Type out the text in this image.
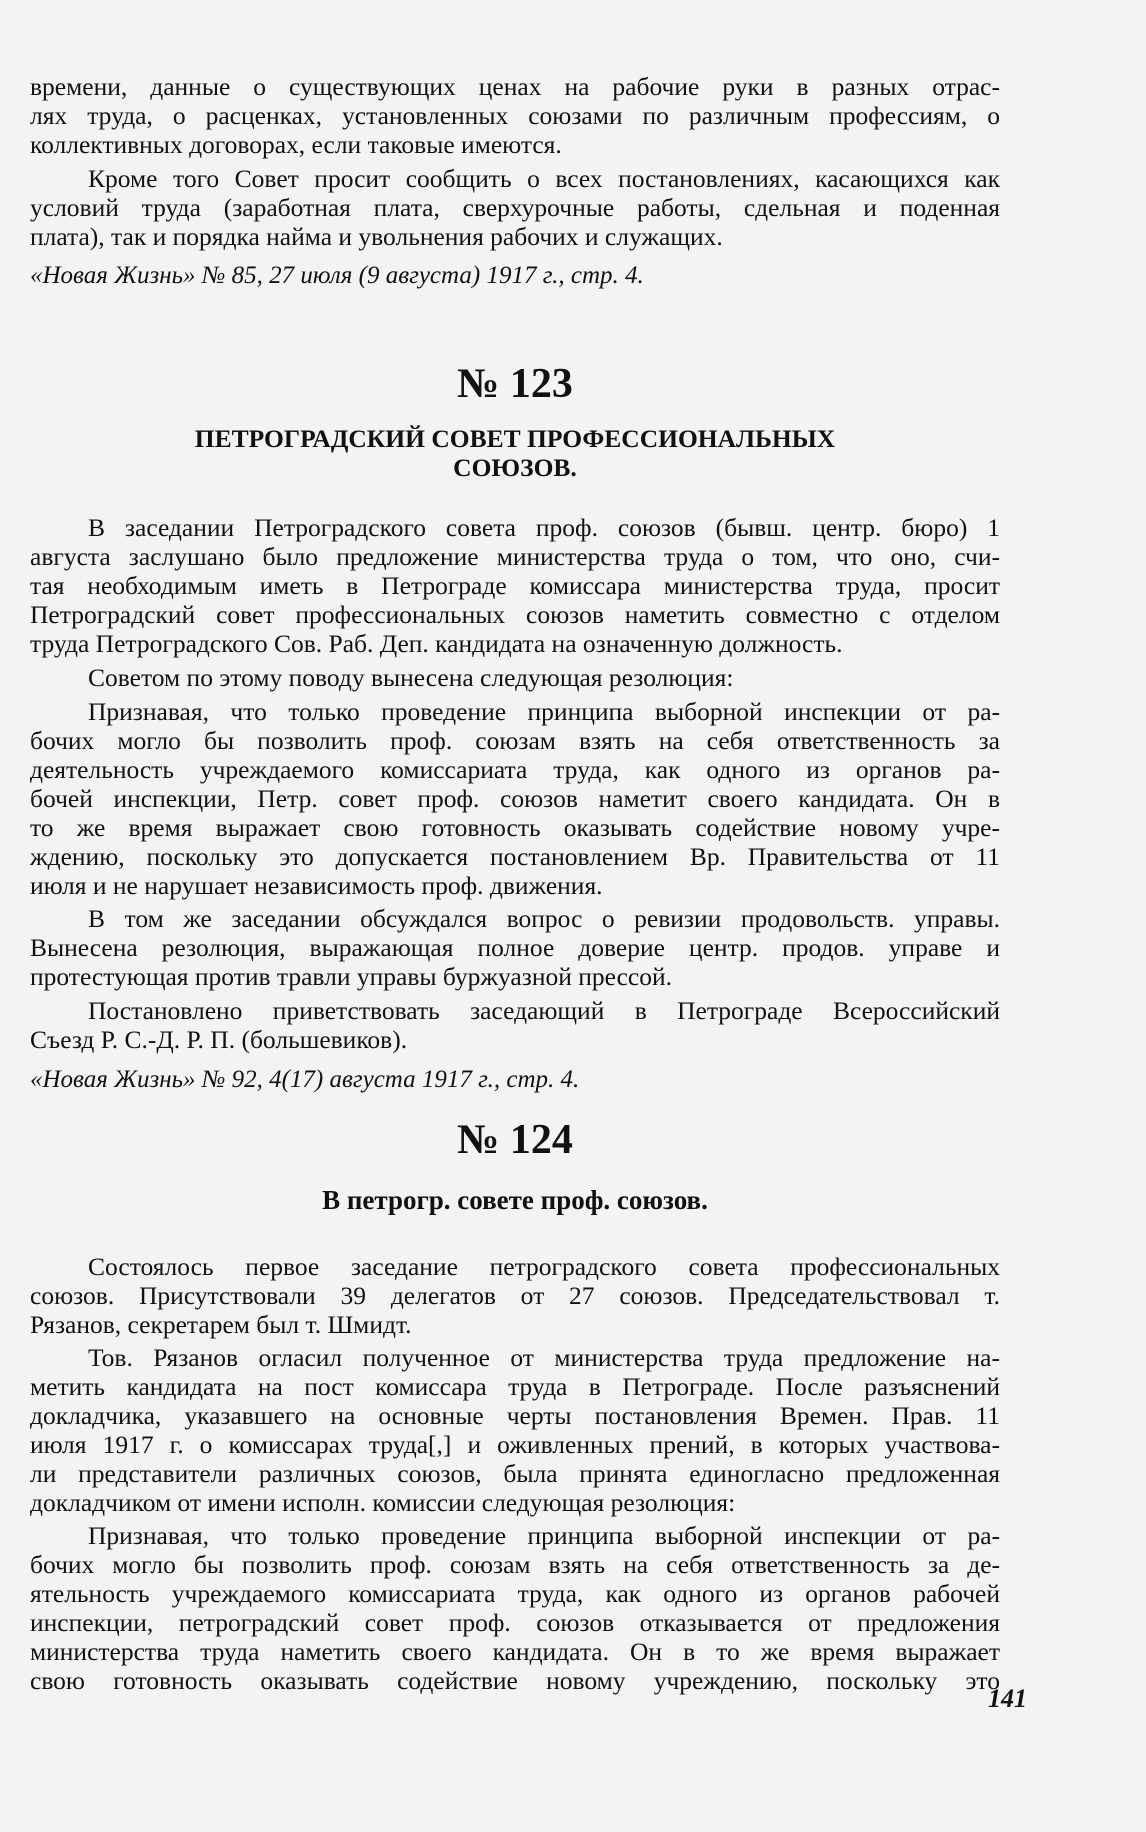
времени, данные о существующих ценах на рабочие руки в разных отрас-
лях труда, о расценках, установленных союзами по различным профессиям, о
коллективных договорах, если таковые имеются.
Кроме того Совет просит сообщить о всех постановлениях, касающихся как
условий труда (заработная плата, сверхурочные работы, сдельная и поденная
плата), так и порядка найма и увольнения рабочих и служащих.
«Новая Жизнь» № 85, 27 июля (9 августа) 1917 г., стр. 4.
№ 123
ПЕТРОГРАДСКИЙ СОВЕТ ПРОФЕССИОНАЛЬНЫХ
СОЮЗОВ.
В заседании Петроградского совета проф. союзов (бывш. центр. бюро) 1
августа заслушано было предложение министерства труда о том, что оно, счи-
тая необходимым иметь в Петрограде комиссара министерства труда, просит
Петроградский совет профессиональных союзов наметить совместно с отделом
труда Петроградского Сов. Раб. Деп. кандидата на означенную должность.
Советом по этому поводу вынесена следующая резолюция:
Признавая, что только проведение принципа выборной инспекции от ра-
бочих могло бы позволить проф. союзам взять на себя ответственность за
деятельность учреждаемого комиссариата труда, как одного из органов ра-
бочей инспекции, Петр. совет проф. союзов наметит своего кандидата. Он в
то же время выражает свою готовность оказывать содействие новому учре-
ждению, поскольку это допускается постановлением Вр. Правительства от 11
июля и не нарушает независимость проф. движения.
В том же заседании обсуждался вопрос о ревизии продовольств. управы.
Вынесена резолюция, выражающая полное доверие центр. продов. управе и
протестующая против травли управы буржуазной прессой.
Постановлено приветствовать заседающий в Петрограде Всероссийский
Съезд Р. С.-Д. Р. П. (большевиков).
«Новая Жизнь» № 92, 4(17) августа 1917 г., стр. 4.
№ 124
В петрогр. совете проф. союзов.
Состоялось первое заседание петроградского совета профессиональных
союзов. Присутствовали 39 делегатов от 27 союзов. Председательствовал т.
Рязанов, секретарем был т. Шмидт.
Тов. Рязанов огласил полученное от министерства труда предложение на-
метить кандидата на пост комиссара труда в Петрограде. После разъяснений
докладчика, указавшего на основные черты постановления Времен. Прав. 11
июля 1917 г. о комиссарах труда[,] и оживленных прений, в которых участвова-
ли представители различных союзов, была принята единогласно предложенная
докладчиком от имени исполн. комиссии следующая резолюция:
Признавая, что только проведение принципа выборной инспекции от ра-
бочих могло бы позволить проф. союзам взять на себя ответственность за де-
ятельность учреждаемого комиссариата труда, как одного из органов рабочей
инспекции, петроградский совет проф. союзов отказывается от предложения
министерства труда наметить своего кандидата. Он в то же время выражает
свою готовность оказывать содействие новому учреждению, поскольку это
141
